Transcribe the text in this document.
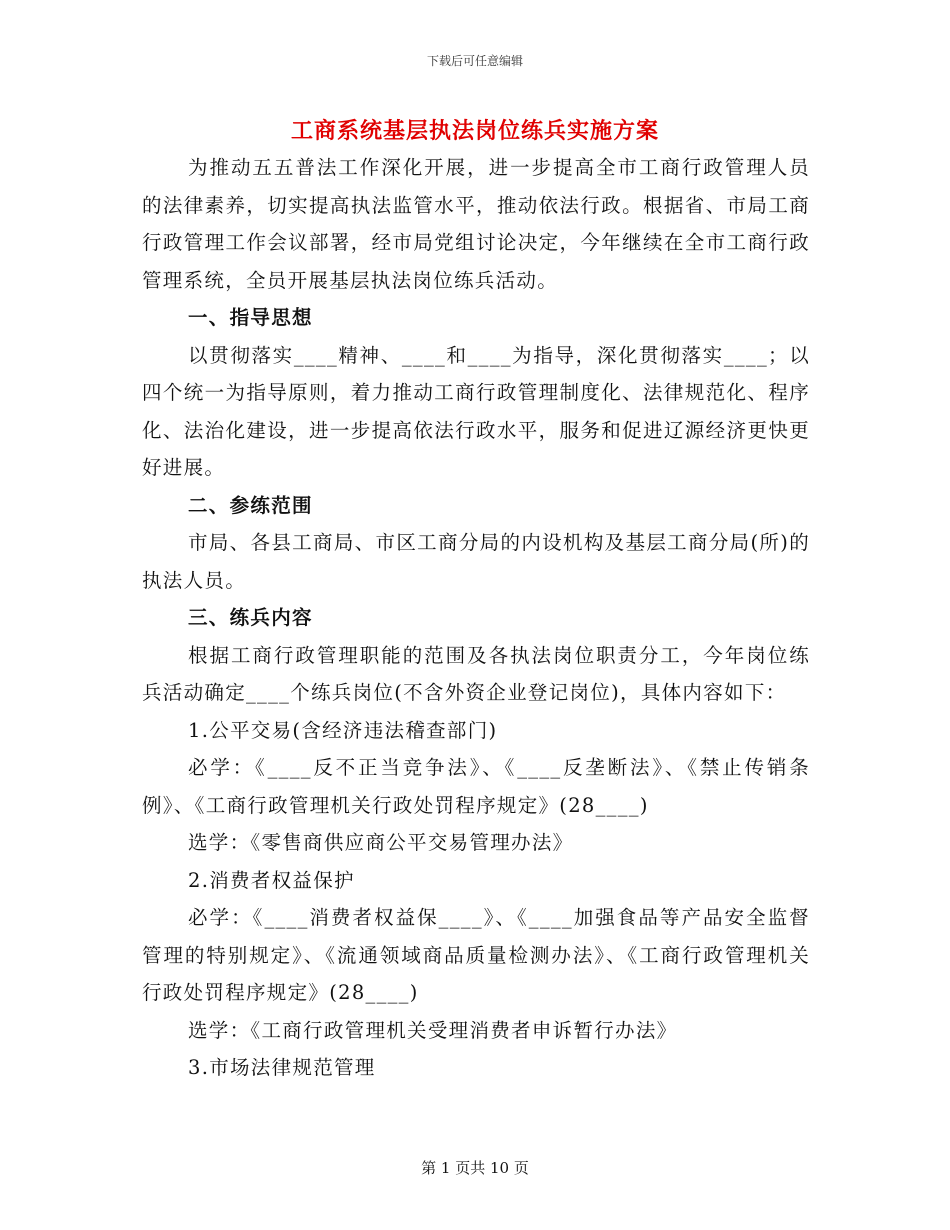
下载后可任意编辑
工商系统基层执法岗位练兵实施方案

为推动五五普法工作深化开展，进一步提高全市工商行政管理人员的法律素养，切实提高执法监管水平，推动依法行政。根据省、市局工商行政管理工作会议部署，经市局党组讨论决定，今年继续在全市工商行政管理系统，全员开展基层执法岗位练兵活动。

一、指导思想

以贯彻落实____精神、____和____为指导，深化贯彻落实____；以四个统一为指导原则，着力推动工商行政管理制度化、法律规范化、程序化、法治化建设，进一步提高依法行政水平，服务和促进辽源经济更快更好进展。

二、参练范围

市局、各县工商局、市区工商分局的内设机构及基层工商分局(所)的执法人员。

三、练兵内容

根据工商行政管理职能的范围及各执法岗位职责分工，今年岗位练兵活动确定____个练兵岗位(不含外资企业登记岗位)，具体内容如下：

1.公平交易(含经济违法稽查部门)

必学：《____反不正当竞争法》、《____反垄断法》、《禁止传销条例》、《工商行政管理机关行政处罚程序规定》(28____)

选学：《零售商供应商公平交易管理办法》

2.消费者权益保护

必学：《____消费者权益保____》、《____加强食品等产品安全监督管理的特别规定》、《流通领域商品质量检测办法》、《工商行政管理机关行政处罚程序规定》(28____)

选学：《工商行政管理机关受理消费者申诉暂行办法》

3.市场法律规范管理

第 1 页共 10 页
